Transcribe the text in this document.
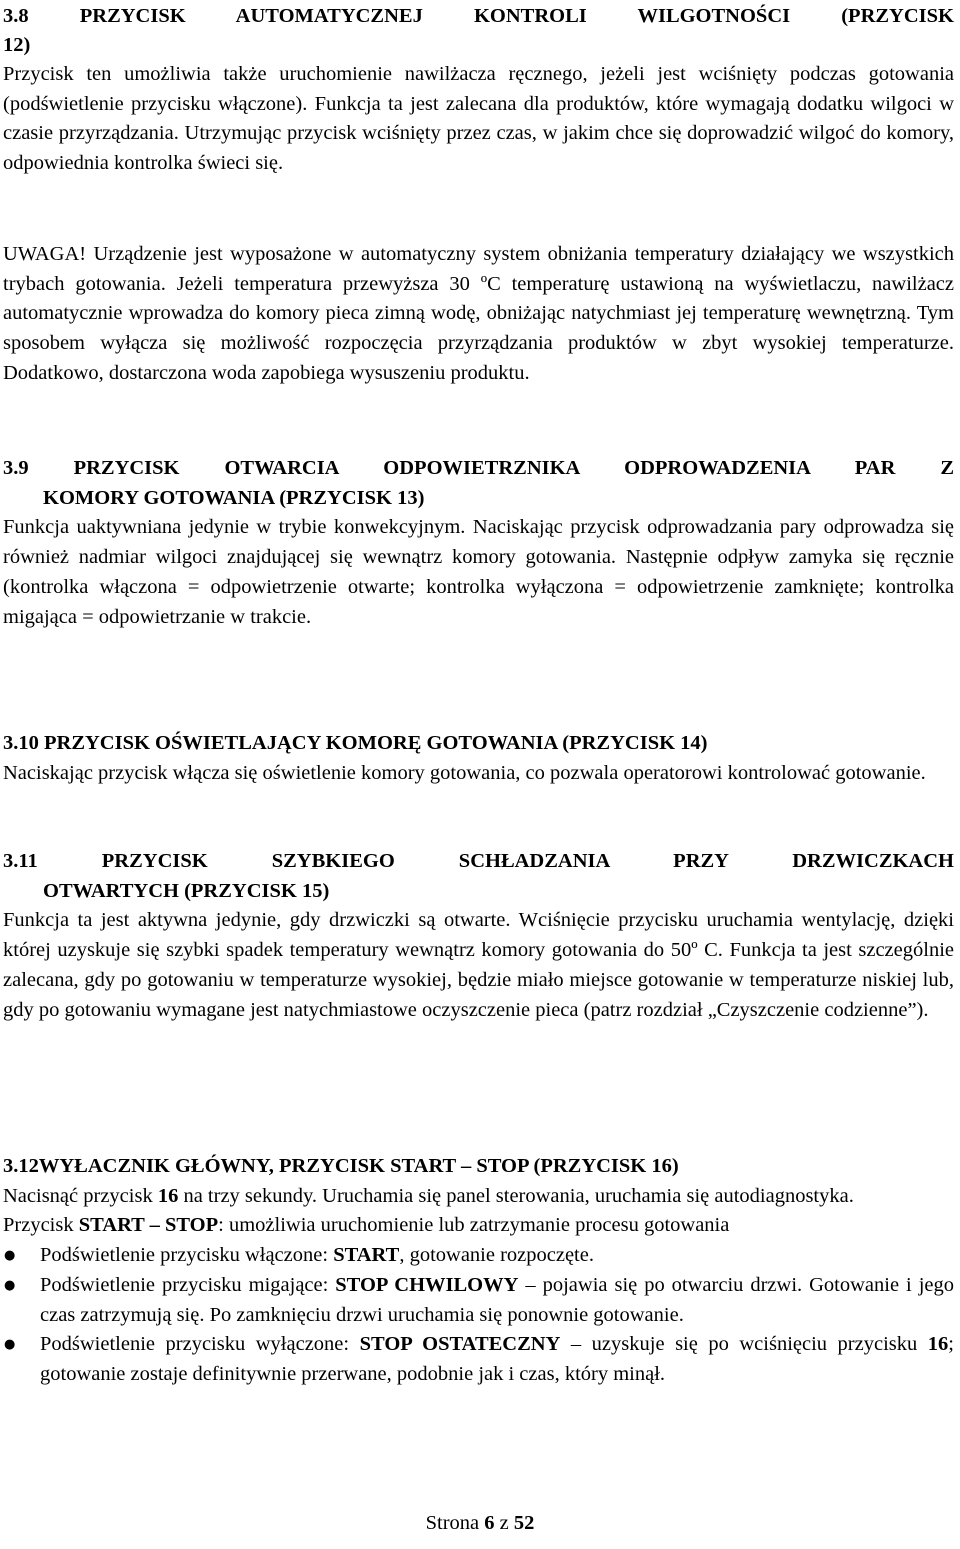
3.8 PRZYCISK AUTOMATYCZNEJ KONTROLI WILGOTNOŚCI (PRZYCISK
12)

Przycisk ten umożliwia także uruchomienie nawilżacza ręcznego, jeżeli jest wciśnięty podczas gotowania (podświetlenie przycisku włączone). Funkcja ta jest zalecana dla produktów, które wymagają dodatku wilgoci w czasie przyrządzania. Utrzymując przycisk wciśnięty przez czas, w jakim chce się doprowadzić wilgoć do komory, odpowiednia kontrolka świeci się.

UWAGA! Urządzenie jest wyposażone w automatyczny system obniżania temperatury działający we wszystkich trybach gotowania. Jeżeli temperatura przewyższa 30 ºC temperaturę ustawioną na wyświetlaczu, nawilżacz automatycznie wprowadza do komory pieca zimną wodę, obniżając natychmiast jej temperaturę wewnętrzną. Tym sposobem wyłącza się możliwość rozpoczęcia przyrządzania produktów w zbyt wysokiej temperaturze. Dodatkowo, dostarczona woda zapobiega wysuszeniu produktu.

3.9 PRZYCISK OTWARCIA ODPOWIETRZNIKA ODPROWADZENIA PAR Z
KOMORY GOTOWANIA (PRZYCISK 13)

Funkcja uaktywniana jedynie w trybie konwekcyjnym. Naciskając przycisk odprowadzania pary odprowadza się również nadmiar wilgoci znajdującej się wewnątrz komory gotowania. Następnie odpływ zamyka się ręcznie (kontrolka włączona = odpowietrzenie otwarte; kontrolka wyłączona = odpowietrzenie zamknięte; kontrolka migająca = odpowietrzanie w trakcie.

3.10 PRZYCISK OŚWIETLAJĄCY KOMORĘ GOTOWANIA (PRZYCISK 14)

Naciskając przycisk włącza się oświetlenie komory gotowania, co pozwala operatorowi kontrolować gotowanie.

3.11 PRZYCISK SZYBKIEGO SCHŁADZANIA PRZY DRZWICZKACH
OTWARTYCH (PRZYCISK 15)

Funkcja ta jest aktywna jedynie, gdy drzwiczki są otwarte. Wciśnięcie przycisku uruchamia wentylację, dzięki której uzyskuje się szybki spadek temperatury wewnątrz komory gotowania do 50º C. Funkcja ta jest szczególnie zalecana, gdy po gotowaniu w temperaturze wysokiej, będzie miało miejsce gotowanie w temperaturze niskiej lub, gdy po gotowaniu wymagane jest natychmiastowe oczyszczenie pieca (patrz rozdział „Czyszczenie codzienne”).

3.12WYŁACZNIK GŁÓWNY, PRZYCISK START – STOP (PRZYCISK 16)

Nacisnąć przycisk 16 na trzy sekundy. Uruchamia się panel sterowania, uruchamia się autodiagnostyka.

Przycisk START – STOP: umożliwia uruchomienie lub zatrzymanie procesu gotowania

● Podświetlenie przycisku włączone: START, gotowanie rozpoczęte.
● Podświetlenie przycisku migające: STOP CHWILOWY – pojawia się po otwarciu drzwi. Gotowanie i jego czas zatrzymują się. Po zamknięciu drzwi uruchamia się ponownie gotowanie.
● Podświetlenie przycisku wyłączone: STOP OSTATECZNY – uzyskuje się po wciśnięciu przycisku 16; gotowanie zostaje definitywnie przerwane, podobnie jak i czas, który minął.
Strona 6 z 52
